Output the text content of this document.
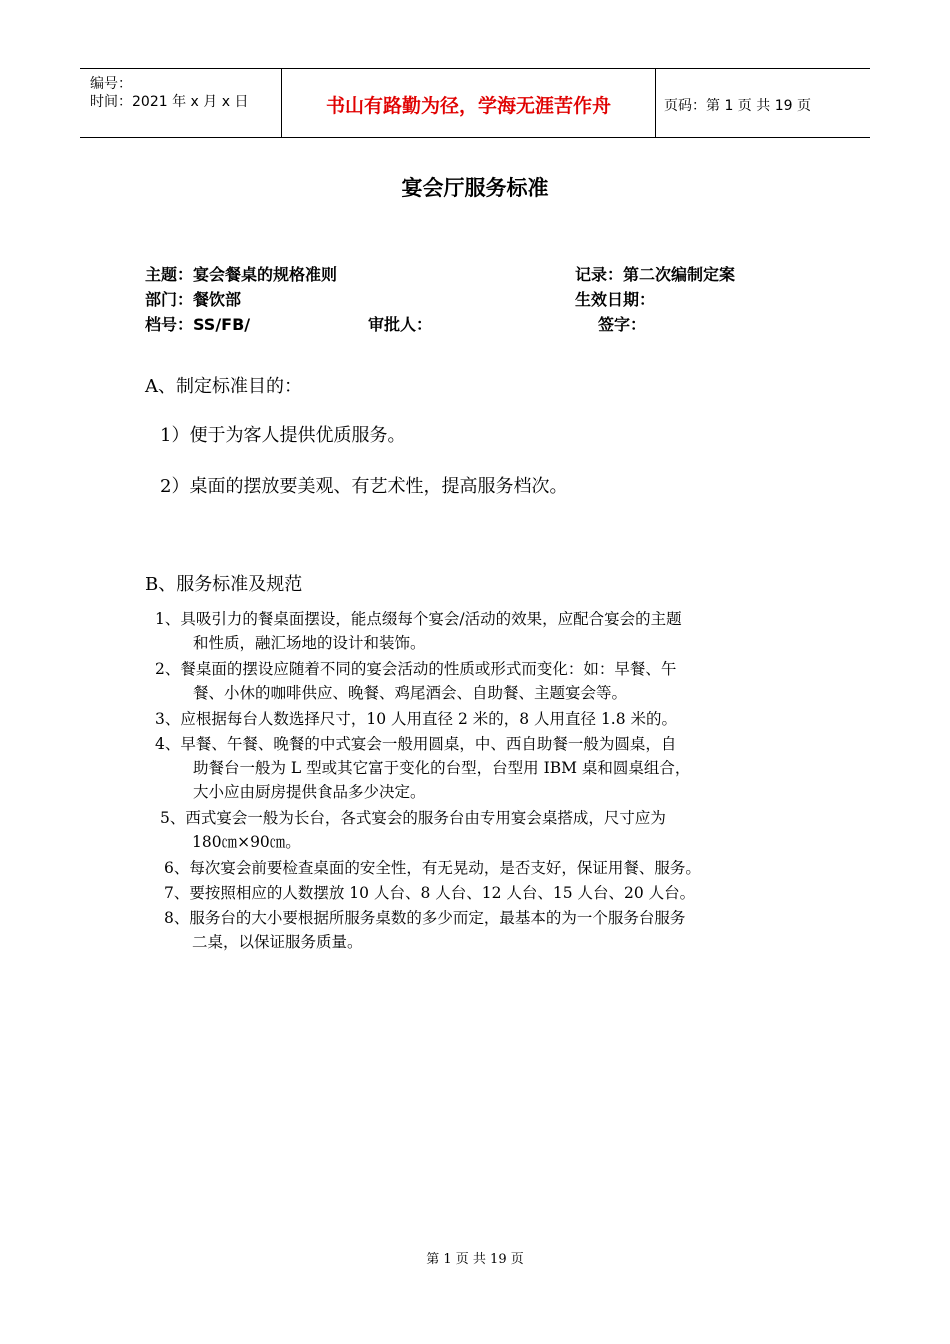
编号：
时间：2021 年 x 月 x 日	书山有路勤为径，学海无涯苦作舟	页码：第 1 页 共 19 页
宴会厅服务标准
主题：宴会餐桌的规格准则	记录：第二次编制定案
部门：餐饮部	生效日期：
档号：SS/FB/	审批人：	签字：
A、制定标准目的：
1）便于为客人提供优质服务。
2）桌面的摆放要美观、有艺术性，提高服务档次。
B、服务标准及规范
1、具吸引力的餐桌面摆设，能点缀每个宴会/活动的效果，应配合宴会的主题
和性质，融汇场地的设计和装饰。
2、餐桌面的摆设应随着不同的宴会活动的性质或形式而变化：如：早餐、午
餐、小休的咖啡供应、晚餐、鸡尾酒会、自助餐、主题宴会等。
3、应根据每台人数选择尺寸，10 人用直径 2 米的，8 人用直径 1.8 米的。
4、早餐、午餐、晚餐的中式宴会一般用圆桌，中、西自助餐一般为圆桌，自
助餐台一般为 L 型或其它富于变化的台型，台型用 IBM 桌和圆桌组合，
大小应由厨房提供食品多少决定。
5、西式宴会一般为长台，各式宴会的服务台由专用宴会桌搭成，尺寸应为
180㎝×90㎝。
6、每次宴会前要检查桌面的安全性，有无晃动，是否支好，保证用餐、服务。
7、要按照相应的人数摆放 10 人台、8 人台、12 人台、15 人台、20 人台。
8、服务台的大小要根据所服务桌数的多少而定，最基本的为一个服务台服务
二桌，以保证服务质量。
第 1 页 共 19 页
